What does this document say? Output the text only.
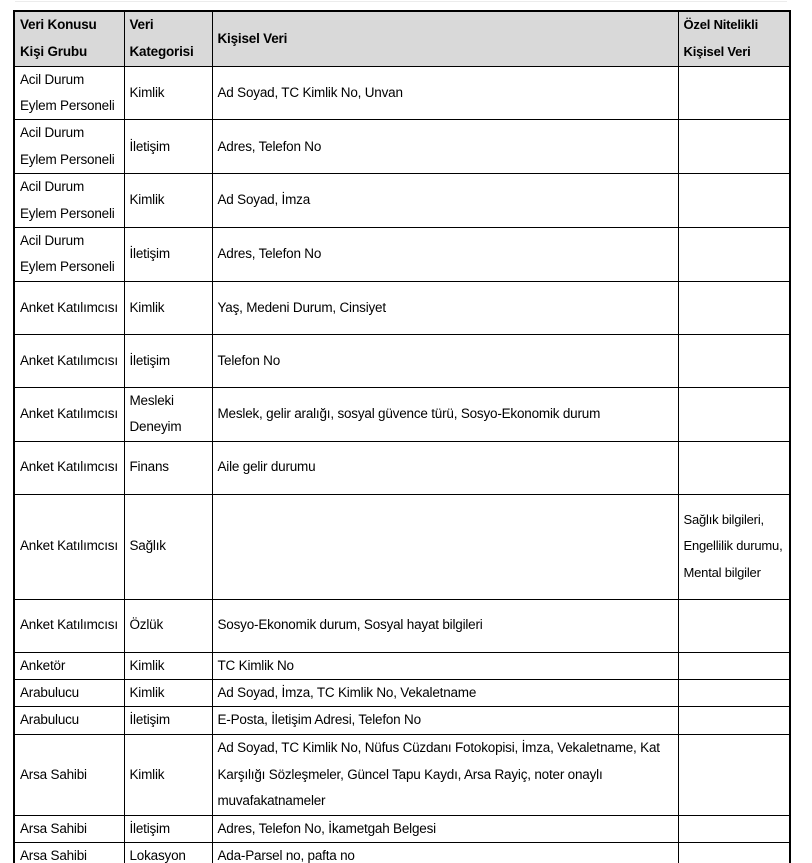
Veri Konusu Kişi Grubu	Veri Kategorisi	Kişisel Veri	Özel Nitelikli Kişisel Veri
Acil Durum Eylem Personeli	Kimlik	Ad Soyad, TC Kimlik No, Unvan	
Acil Durum Eylem Personeli	İletişim	Adres, Telefon No	
Acil Durum Eylem Personeli	Kimlik	Ad Soyad, İmza	
Acil Durum Eylem Personeli	İletişim	Adres, Telefon No	
Anket Katılımcısı	Kimlik	Yaş, Medeni Durum, Cinsiyet	
Anket Katılımcısı	İletişim	Telefon No	
Anket Katılımcısı	Mesleki Deneyim	Meslek, gelir aralığı, sosyal güvence türü, Sosyo-Ekonomik durum	
Anket Katılımcısı	Finans	Aile gelir durumu	
Anket Katılımcısı	Sağlık		Sağlık bilgileri, Engellilik durumu, Mental bilgiler
Anket Katılımcısı	Özlük	Sosyo-Ekonomik durum, Sosyal hayat bilgileri	
Anketör	Kimlik	TC Kimlik No	
Arabulucu	Kimlik	Ad Soyad, İmza, TC Kimlik No, Vekaletname	
Arabulucu	İletişim	E-Posta, İletişim Adresi, Telefon No	
Arsa Sahibi	Kimlik	Ad Soyad, TC Kimlik No, Nüfus Cüzdanı Fotokopisi, İmza, Vekaletname, Kat Karşılığı Sözleşmeler, Güncel Tapu Kaydı, Arsa Rayiç, noter onaylı muvafakatnameler	
Arsa Sahibi	İletişim	Adres, Telefon No, İkametgah Belgesi	
Arsa Sahibi	Lokasyon	Ada-Parsel no, pafta no	
